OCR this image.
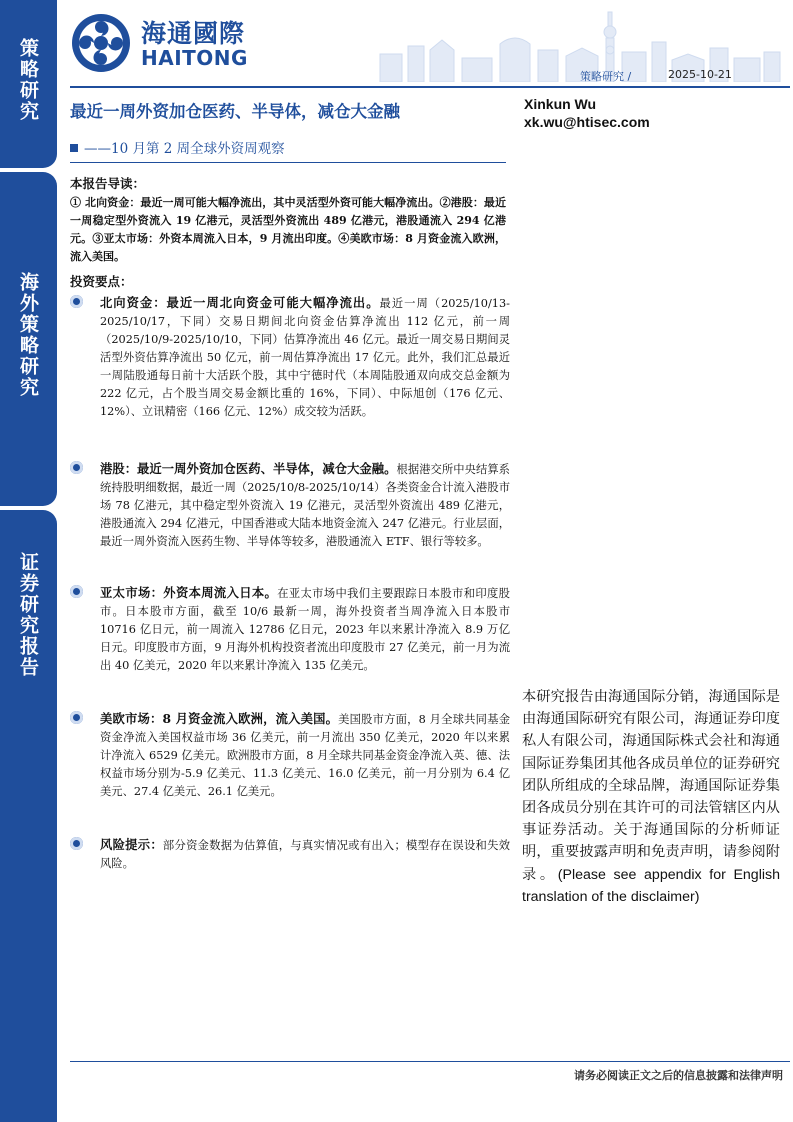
策略研究
海外策略研究
证券研究报告
海通國際
HAITONG
策略研究 /	2025-10-21
最近一周外资加仓医药、半导体，减仓大金融
——10 月第 2 周全球外资周观察
Xinkun Wu
xk.wu@htisec.com
本报告导读：
① 北向资金：最近一周可能大幅净流出，其中灵活型外资可能大幅净流出。②港股：最近一周稳定型外资流入 19 亿港元，灵活型外资流出 489 亿港元，港股通流入 294 亿港元。③亚太市场：外资本周流入日本，9 月流出印度。④美欧市场：8 月资金流入欧洲，流入美国。
投资要点：
北向资金：最近一周北向资金可能大幅净流出。最近一周（2025/10/13-2025/10/17，下同）交易日期间北向资金估算净流出 112 亿元，前一周（2025/10/9-2025/10/10，下同）估算净流出 46 亿元。最近一周交易日期间灵活型外资估算净流出 50 亿元，前一周估算净流出 17 亿元。此外，我们汇总最近一周陆股通每日前十大活跃个股，其中宁德时代（本周陆股通双向成交总金额为 222 亿元，占个股当周交易金额比重的 16%，下同）、中际旭创（176 亿元、12%）、立讯精密（166 亿元、12%）成交较为活跃。
港股：最近一周外资加仓医药、半导体，减仓大金融。根据港交所中央结算系统持股明细数据，最近一周（2025/10/8-2025/10/14）各类资金合计流入港股市场 78 亿港元，其中稳定型外资流入 19 亿港元，灵活型外资流出 489 亿港元，港股通流入 294 亿港元，中国香港或大陆本地资金流入 247 亿港元。行业层面，最近一周外资流入医药生物、半导体等较多，港股通流入 ETF、银行等较多。
亚太市场：外资本周流入日本。在亚太市场中我们主要跟踪日本股市和印度股市。日本股市方面，截至 10/6 最新一周，海外投资者当周净流入日本股市 10716 亿日元，前一周流入 12786 亿日元，2023 年以来累计净流入 8.9 万亿日元。印度股市方面，9 月海外机构投资者流出印度股市 27 亿美元，前一月为流出 40 亿美元，2020 年以来累计净流入 135 亿美元。
美欧市场：8 月资金流入欧洲，流入美国。美国股市方面，8 月全球共同基金资金净流入美国权益市场 36 亿美元，前一月流出 350 亿美元，2020 年以来累计净流入 6529 亿美元。欧洲股市方面，8 月全球共同基金资金净流入英、德、法权益市场分别为-5.9 亿美元、11.3 亿美元、16.0 亿美元，前一月分别为 6.4 亿美元、27.4 亿美元、26.1 亿美元。
风险提示：部分资金数据为估算值，与真实情况或有出入；模型存在误设和失效风险。
本研究报告由海通国际分销，海通国际是由海通国际研究有限公司，海通证券印度私人有限公司，海通国际株式会社和海通国际证券集团其他各成员单位的证券研究团队所组成的全球品牌，海通国际证券集团各成员分别在其许可的司法管辖区内从事证券活动。关于海通国际的分析师证明，重要披露声明和免责声明，请参阅附录。(Please see appendix for English translation of the disclaimer)
请务必阅读正文之后的信息披露和法律声明
